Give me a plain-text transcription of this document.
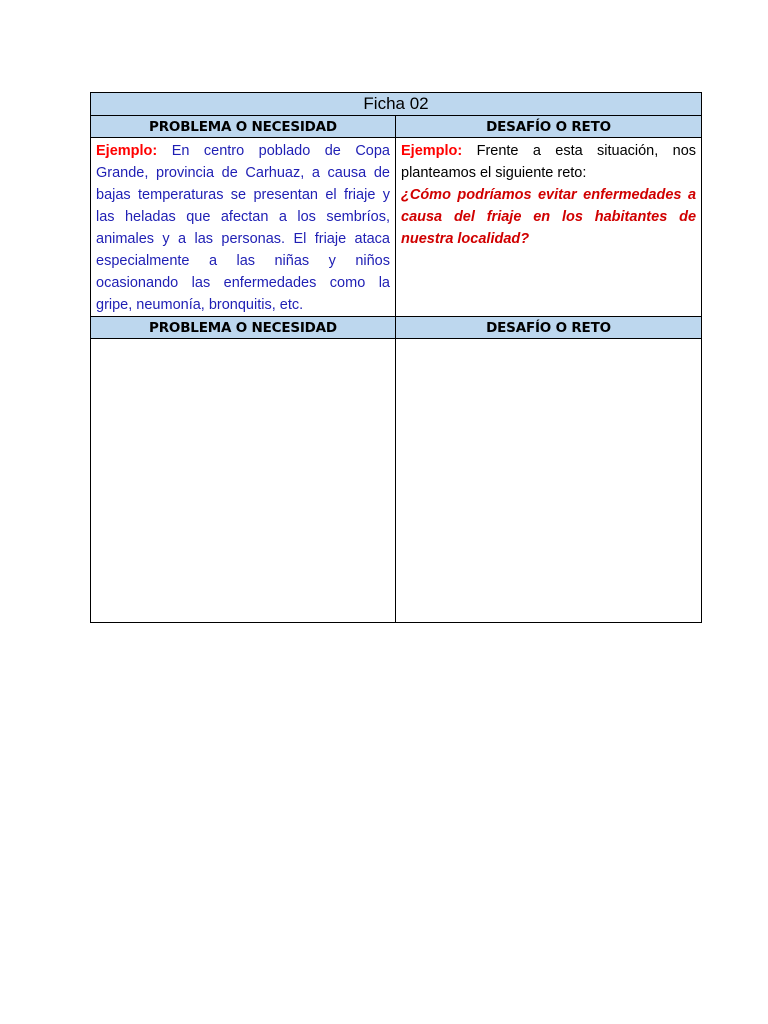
Ficha 02	
PROBLEMA O NECESIDAD	DESAFÍO O RETO

Ejemplo: En centro poblado de Copa Grande, provincia de Carhuaz, a causa de bajas temperaturas se presentan el friaje y las heladas que afectan a los sembríos, animales y a las personas. El friaje ataca especialmente a las niñas y niños ocasionando las enfermedades como la gripe, neumonía, bronquitis, etc.	Ejemplo: Frente a esta situación, nos planteamos el siguiente reto:
¿Cómo podríamos evitar enfermedades a causa del friaje en los habitantes de nuestra localidad?

PROBLEMA O NECESIDAD	DESAFÍO O RETO
